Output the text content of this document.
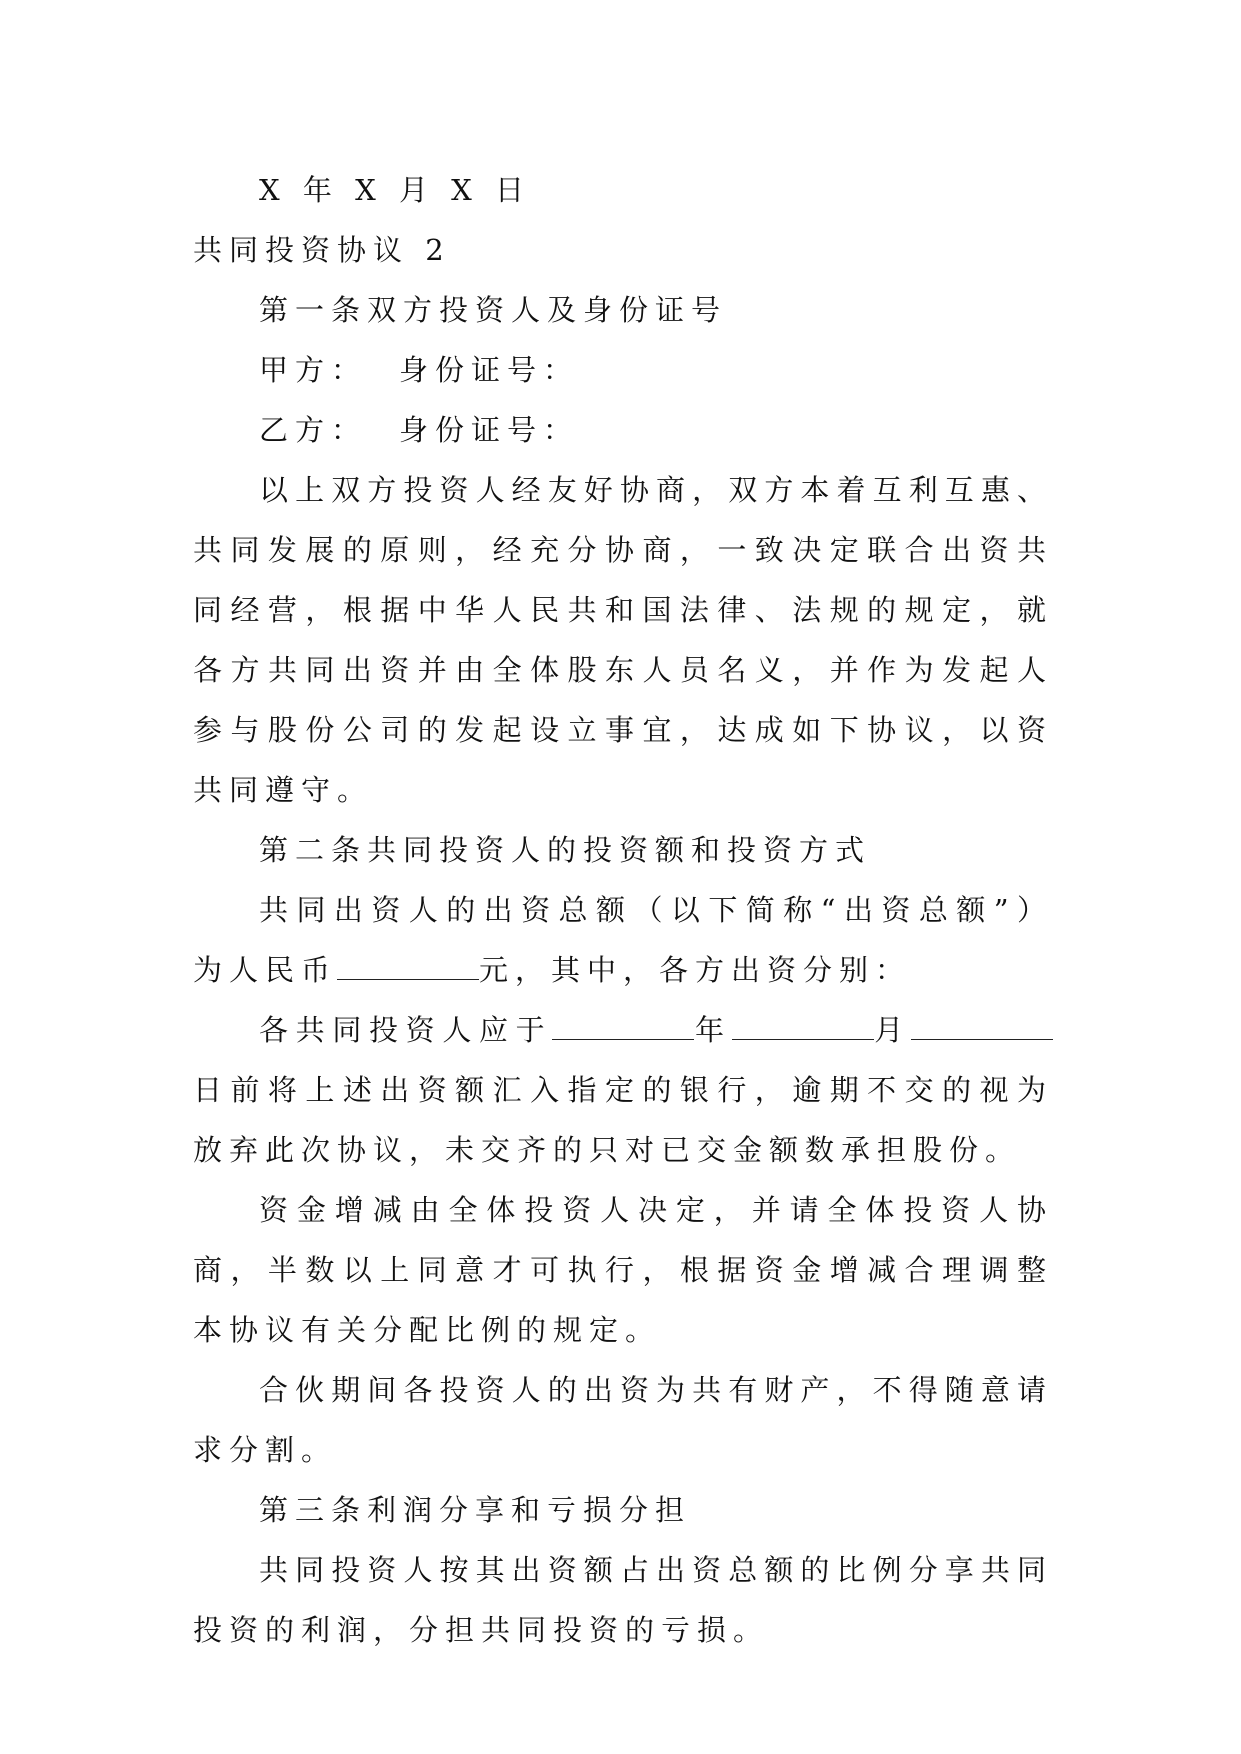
X 年 X 月 X 日

共同投资协议 2

第一条双方投资人及身份证号

甲方： 身份证号：

乙方： 身份证号：

以上双方投资人经友好协商，双方本着互利互惠、共同发展的原则，经充分协商，一致决定联合出资共同经营，根据中华人民共和国法律、法规的规定，就各方共同出资并由全体股东人员名义，并作为发起人参与股份公司的发起设立事宜，达成如下协议，以资共同遵守。

第二条共同投资人的投资额和投资方式

共同出资人的出资总额（以下简称“出资总额”）为人民币	元，其中，各方出资分别：

各共同投资人应于	年	月日前将上述出资额汇入指定的银行，逾期不交的视为放弃此次协议，未交齐的只对已交金额数承担股份。

资金增减由全体投资人决定，并请全体投资人协商，半数以上同意才可执行，根据资金增减合理调整本协议有关分配比例的规定。

合伙期间各投资人的出资为共有财产，不得随意请求分割。

第三条利润分享和亏损分担

共同投资人按其出资额占出资总额的比例分享共同投资的利润，分担共同投资的亏损。
